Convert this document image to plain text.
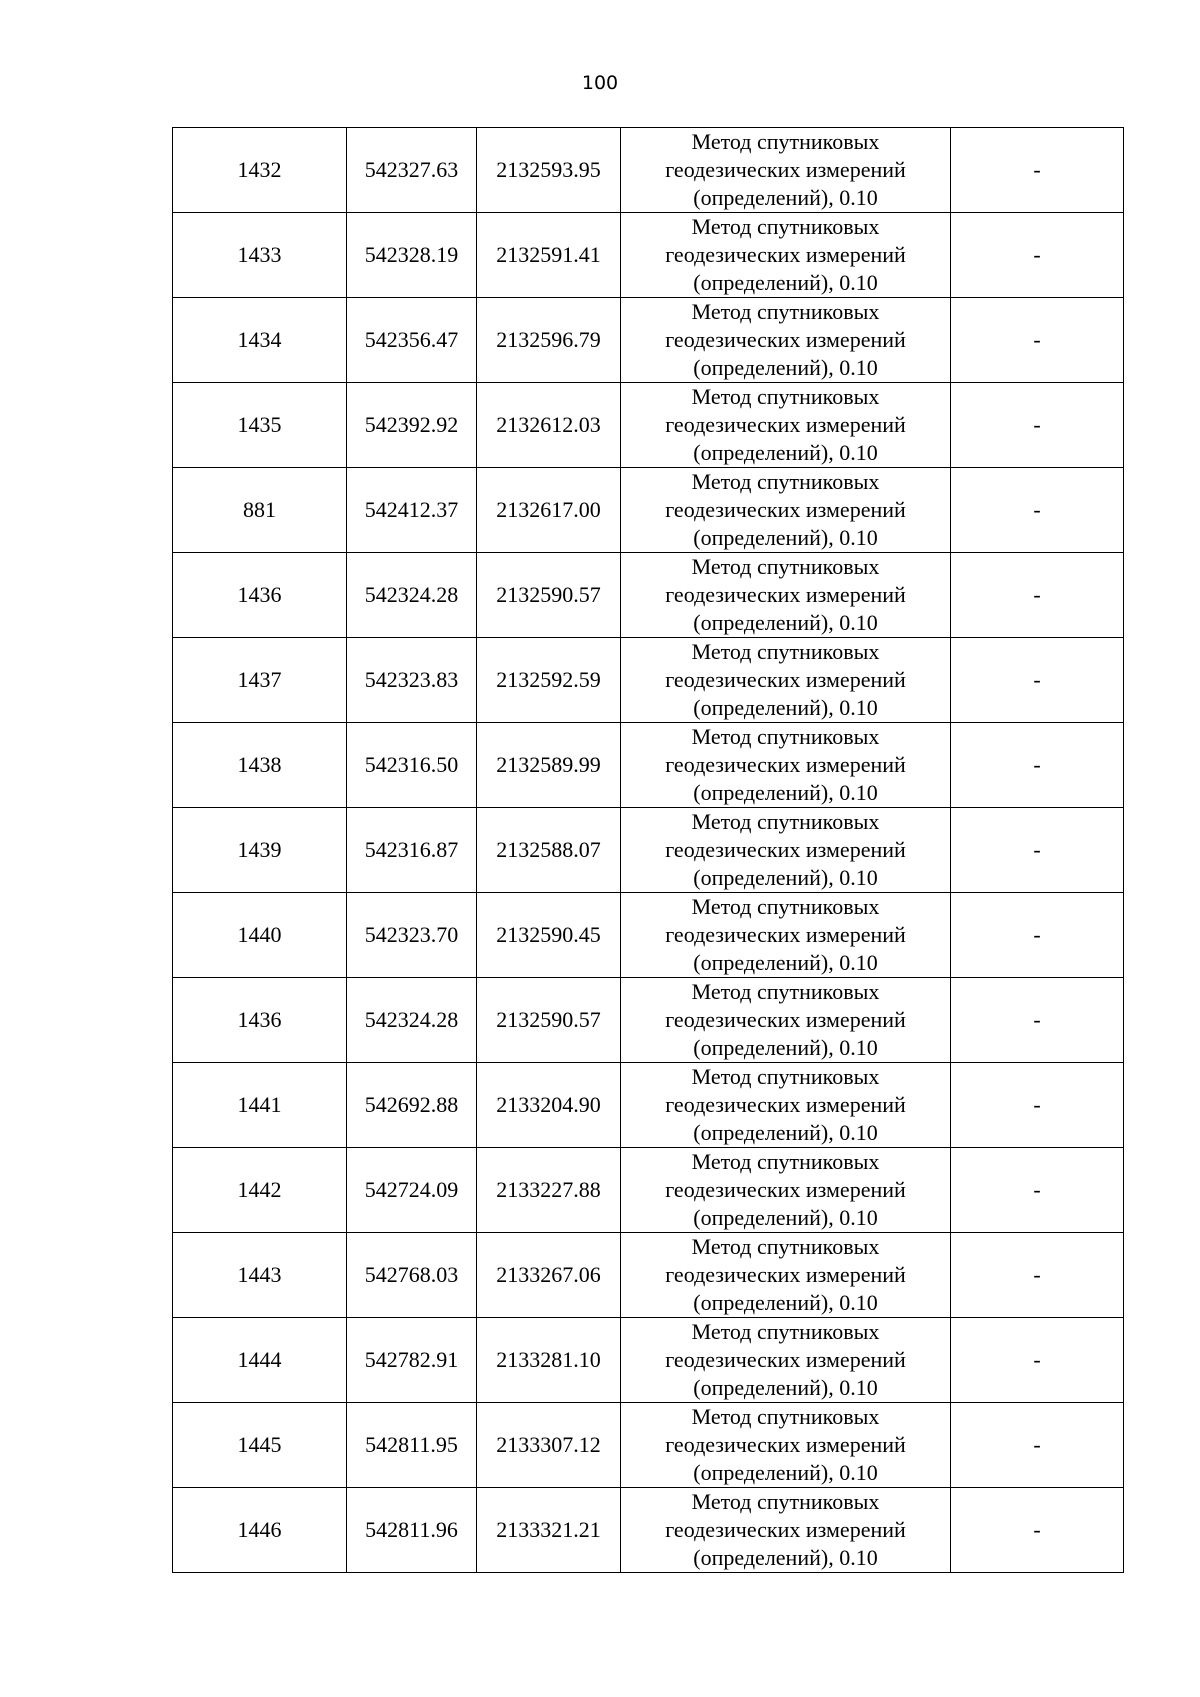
100
1432	542327.63	2132593.95	Метод спутниковых
геодезических измерений
(определений), 0.10	-
1433	542328.19	2132591.41	Метод спутниковых
геодезических измерений
(определений), 0.10	-
1434	542356.47	2132596.79	Метод спутниковых
геодезических измерений
(определений), 0.10	-
1435	542392.92	2132612.03	Метод спутниковых
геодезических измерений
(определений), 0.10	-
881	542412.37	2132617.00	Метод спутниковых
геодезических измерений
(определений), 0.10	-
1436	542324.28	2132590.57	Метод спутниковых
геодезических измерений
(определений), 0.10	-
1437	542323.83	2132592.59	Метод спутниковых
геодезических измерений
(определений), 0.10	-
1438	542316.50	2132589.99	Метод спутниковых
геодезических измерений
(определений), 0.10	-
1439	542316.87	2132588.07	Метод спутниковых
геодезических измерений
(определений), 0.10	-
1440	542323.70	2132590.45	Метод спутниковых
геодезических измерений
(определений), 0.10	-
1436	542324.28	2132590.57	Метод спутниковых
геодезических измерений
(определений), 0.10	-
1441	542692.88	2133204.90	Метод спутниковых
геодезических измерений
(определений), 0.10	-
1442	542724.09	2133227.88	Метод спутниковых
геодезических измерений
(определений), 0.10	-
1443	542768.03	2133267.06	Метод спутниковых
геодезических измерений
(определений), 0.10	-
1444	542782.91	2133281.10	Метод спутниковых
геодезических измерений
(определений), 0.10	-
1445	542811.95	2133307.12	Метод спутниковых
геодезических измерений
(определений), 0.10	-
1446	542811.96	2133321.21	Метод спутниковых
геодезических измерений
(определений), 0.10	-
